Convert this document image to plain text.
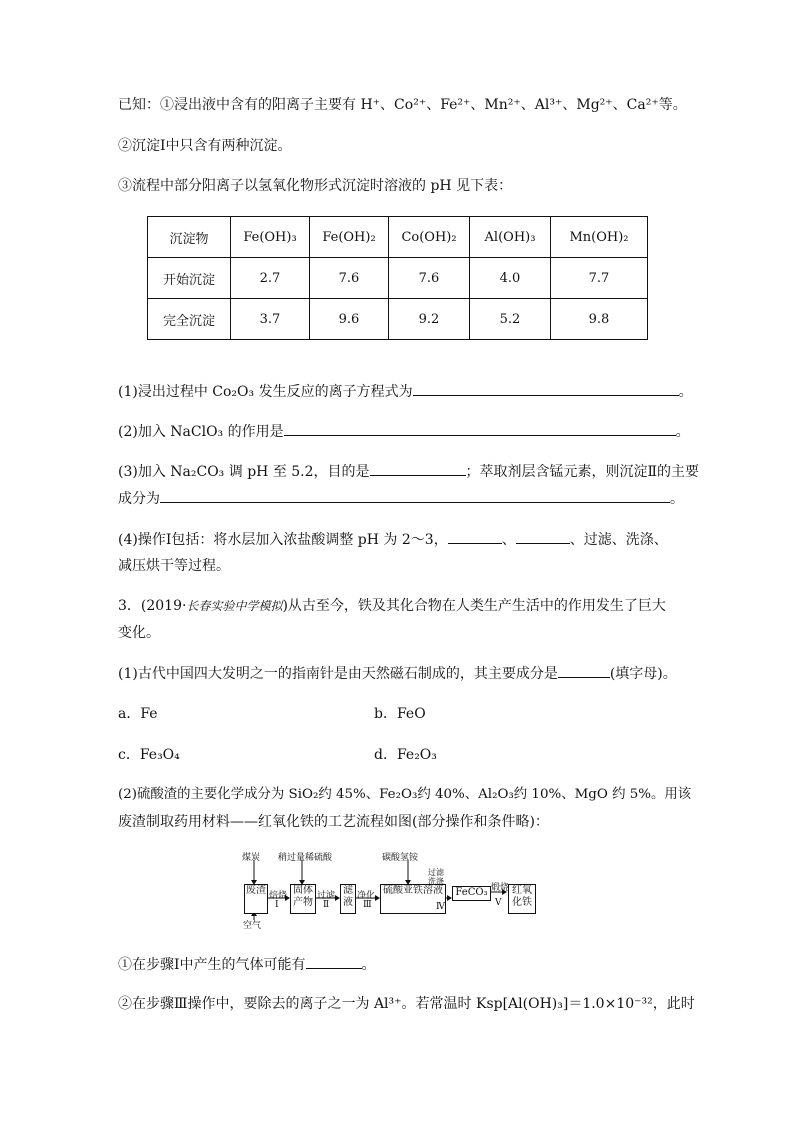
已知：①浸出液中含有的阳离子主要有 H⁺、Co²⁺、Fe²⁺、Mn²⁺、Al³⁺、Mg²⁺、Ca²⁺等。
②沉淀Ⅰ中只含有两种沉淀。
③流程中部分阳离子以氢氧化物形式沉淀时溶液的 pH 见下表：
沉淀物	Fe(OH)₃	Fe(OH)₂	Co(OH)₂	Al(OH)₃	Mn(OH)₂
开始沉淀	2.7	7.6	7.6	4.0	7.7
完全沉淀	3.7	9.6	9.2	5.2	9.8
(1)浸出过程中 Co₂O₃ 发生反应的离子方程式为	。
(2)加入 NaClO₃ 的作用是	。
(3)加入 Na₂CO₃ 调 pH 至 5.2，目的是	；萃取剂层含锰元素，则沉淀Ⅱ的主要
成分为	。
(4)操作Ⅰ包括：将水层加入浓盐酸调整 pH 为 2～3，	、	、过滤、洗涤、
减压烘干等过程。
3．(2019·长春实验中学模拟)从古至今，铁及其化合物在人类生产生活中的作用发生了巨大
变化。
(1)古代中国四大发明之一的指南针是由天然磁石制成的，其主要成分是	(填字母)。
a．Fe	b．FeO
c．Fe₃O₄	d．Fe₂O₃
(2)硫酸渣的主要化学成分为 SiO₂约 45%、Fe₂O₃约 40%、Al₂O₃约 10%、MgO 约 5%。用该
废渣制取药用材料——红氧化铁的工艺流程如图(部分操作和条件略)：
煤炭 稍过量稀硫酸	碳酸氢铵
空气
废渣	固体产物
滤液
硫酸亚铁溶液	FeCO₃	红氧化铁
焙烧
Ⅰ
过滤
Ⅱ
净化
Ⅲ
过滤洗涤
Ⅳ
煅烧
Ⅴ
①在步骤Ⅰ中产生的气体可能有	。
②在步骤Ⅲ操作中，要除去的离子之一为 Al³⁺。若常温时 Ksp[Al(OH)₃]＝1.0×10⁻³²，此时
